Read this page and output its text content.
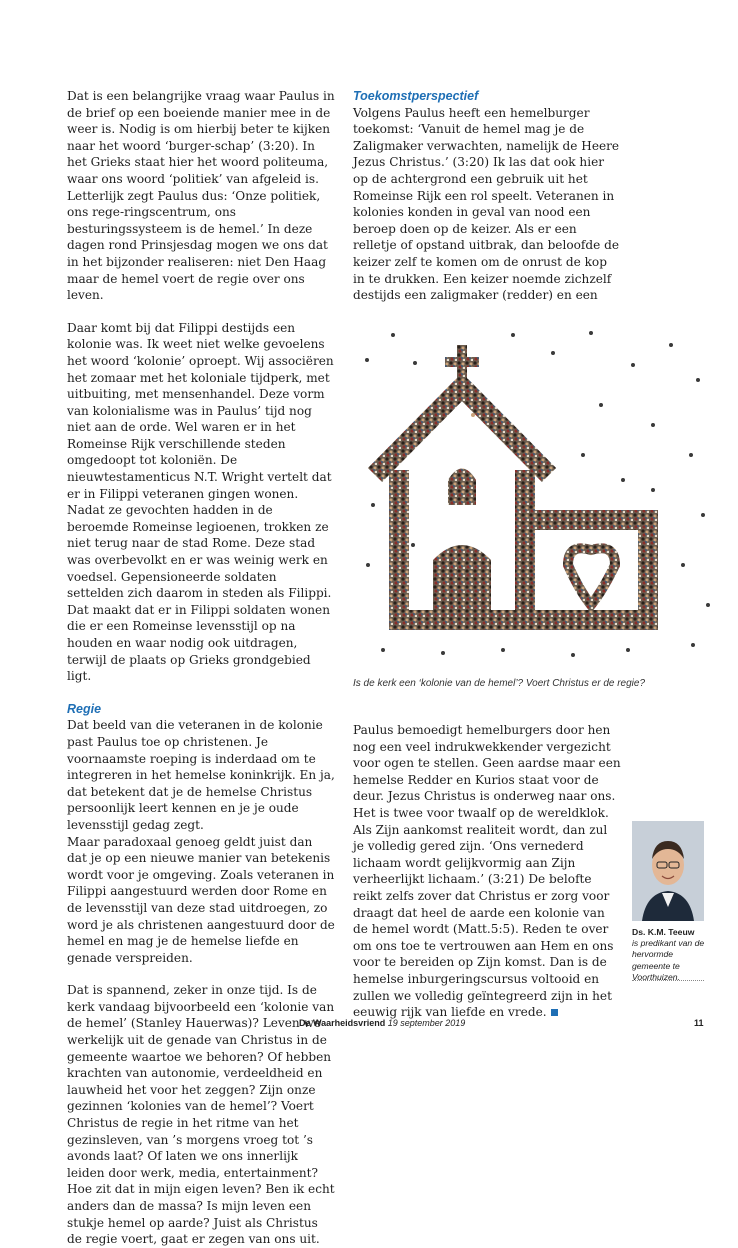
Dat is een belangrijke vraag waar Paulus in de brief op een boeiende manier mee in de weer is. Nodig is om hierbij beter te kijken naar het woord ‘burger-schap’ (3:20). In het Grieks staat hier het woord politeuma, waar ons woord ‘politiek’ van afgeleid is. Letterlijk zegt Paulus dus: ‘Onze politiek, ons rege-ringscentrum, ons besturingssysteem is de hemel.’ In deze dagen rond Prinsjesdag mogen we ons dat in het bijzonder realiseren: niet Den Haag maar de hemel voert de regie over ons leven.

Daar komt bij dat Filippi destijds een kolonie was. Ik weet niet welke gevoelens het woord ‘kolonie’ oproept. Wij associëren het zomaar met het koloniale tijdperk, met uitbuiting, met mensenhandel. Deze vorm van kolonialisme was in Paulus’ tijd nog niet aan de orde. Wel waren er in het Romeinse Rijk verschillende steden omgedoopt tot koloniën. De nieuwtestamenticus N.T. Wright vertelt dat er in Filippi veteranen gingen wonen. Nadat ze gevochten hadden in de beroemde Romeinse legioenen, trokken ze niet terug naar de stad Rome. Deze stad was overbevolkt en er was weinig werk en voedsel. Gepensioneerde soldaten settelden zich daarom in steden als Filippi. Dat maakt dat er in Filippi soldaten wonen die er een Romeinse levensstijl op na houden en waar nodig ook uitdragen, terwijl de plaats op Grieks grondgebied ligt.

Regie

Dat beeld van die veteranen in de kolonie past Paulus toe op christenen. Je voornaamste roeping is inderdaad om te integreren in het hemelse koninkrijk. En ja, dat betekent dat je de hemelse Christus persoonlijk leert kennen en je je oude levensstijl gedag zegt.

Maar paradoxaal genoeg geldt juist dan dat je op een nieuwe manier van betekenis wordt voor je omgeving. Zoals veteranen in Filippi aangestuurd werden door Rome en de levensstijl van deze stad uitdroegen, zo word je als christenen aangestuurd door de hemel en mag je de hemelse liefde en genade verspreiden.

Dat is spannend, zeker in onze tijd. Is de kerk vandaag bijvoorbeeld een ‘kolonie van de hemel’ (Stanley Hauerwas)? Leven we werkelijk uit de genade van Christus in de gemeente waartoe we behoren? Of hebben krachten van autonomie, verdeeldheid en lauwheid het voor het zeggen? Zijn onze gezinnen ‘kolonies van de hemel’? Voert Christus de regie in het ritme van het gezinsleven, van ’s morgens vroeg tot ’s avonds laat? Of laten we ons innerlijk leiden door werk, media, entertainment? Hoe zit dat in mijn eigen leven? Ben ik echt anders dan de massa? Is mijn leven een stukje hemel op aarde? Juist als Christus de regie voert, gaat er zegen van ons uit.

Toekomstperspectief

Volgens Paulus heeft een hemelburger toekomst: ‘Vanuit de hemel mag je de Zaligmaker verwachten, namelijk de Heere Jezus Christus.’ (3:20) Ik las dat ook hier op de achtergrond een gebruik uit het Romeinse Rijk een rol speelt. Veteranen in kolonies konden in geval van nood een beroep doen op de keizer. Als er een relletje of opstand uitbrak, dan beloofde de keizer zelf te komen om de onrust de kop in te drukken. Een keizer noemde zichzelf destijds een zaligmaker (redder) en een

Is de kerk een ‘kolonie van de hemel’? Voert Christus er de regie?

Paulus bemoedigt hemelburgers door hen nog een veel indrukwekkender vergezicht voor ogen te stellen. Geen aardse maar een hemelse Redder en Kurios staat voor de deur. Jezus Christus is onderweg naar ons. Het is twee voor twaalf op de wereldklok. Als Zijn aankomst realiteit wordt, dan zul je volledig gered zijn. ‘Ons vernederd lichaam wordt gelijkvormig aan Zijn verheerlijkt lichaam.’ (3:21) De belofte reikt zelfs zover dat Christus er zorg voor draagt dat heel de aarde een kolonie van de hemel wordt (Matt.5:5). Reden te over om ons toe te vertrouwen aan Hem en ons voor te bereiden op Zijn komst. Dan is de hemelse inburgeringscursus voltooid en zullen we volledig geïntegreerd zijn in het eeuwig rijk van liefde en vrede.

Ds. K.M. Teeuw
is predikant van de hervormde gemeente te Voorthuizen.
De Waarheidsvriend 19 september 2019	11
